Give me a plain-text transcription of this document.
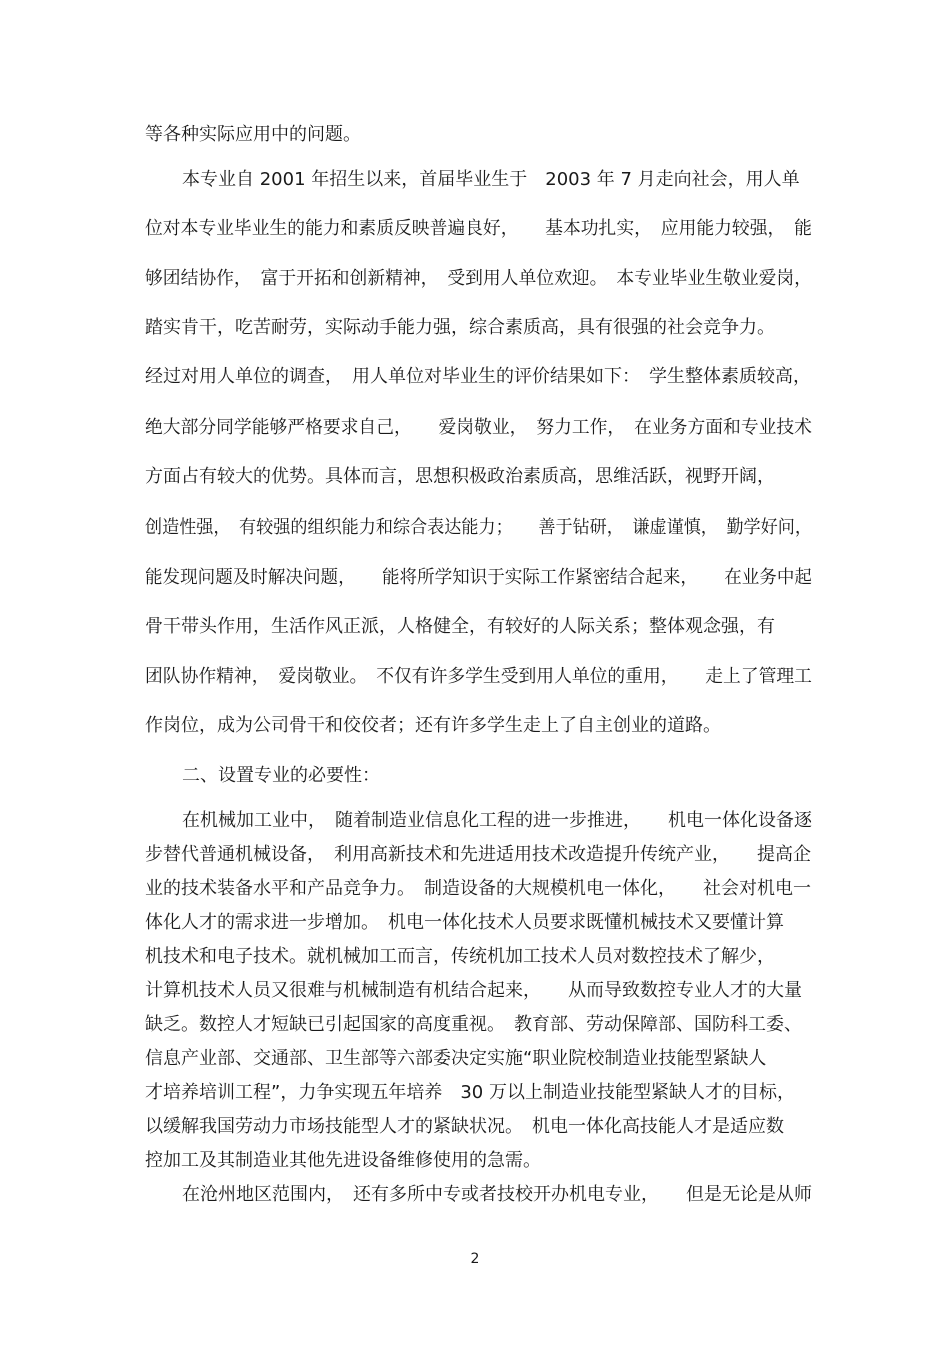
等各种实际应用中的问题。
本专业自 2001 年招生以来，首届毕业生于　2003 年 7 月走向社会，用人单
位对本专业毕业生的能力和素质反映普遍良好，　　基本功扎实，　应用能力较强，　能
够团结协作，　富于开拓和创新精神，　受到用人单位欢迎。　本专业毕业生敬业爱岗，
踏实肯干，吃苦耐劳，实际动手能力强，综合素质高，具有很强的社会竞争力。
经过对用人单位的调查，　用人单位对毕业生的评价结果如下：　学生整体素质较高，
绝大部分同学能够严格要求自己，　　爱岗敬业，　努力工作，　在业务方面和专业技术
方面占有较大的优势。具体而言，思想积极政治素质高，思维活跃，视野开阔，
创造性强，　有较强的组织能力和综合表达能力；　　善于钻研，　谦虚谨慎，　勤学好问，
能发现问题及时解决问题，　　能将所学知识于实际工作紧密结合起来，　　在业务中起
骨干带头作用，生活作风正派，人格健全，有较好的人际关系；整体观念强，有
团队协作精神，　爱岗敬业。　不仅有许多学生受到用人单位的重用，　　走上了管理工
作岗位，成为公司骨干和佼佼者；还有许多学生走上了自主创业的道路。
二、设置专业的必要性：
在机械加工业中，　随着制造业信息化工程的进一步推进，　　机电一体化设备逐
步替代普通机械设备，　利用高新技术和先进适用技术改造提升传统产业，　　提高企
业的技术装备水平和产品竞争力。　制造设备的大规模机电一体化，　　社会对机电一
体化人才的需求进一步增加。　机电一体化技术人员要求既懂机械技术又要懂计算
机技术和电子技术。就机械加工而言，传统机加工技术人员对数控技术了解少，
计算机技术人员又很难与机械制造有机结合起来，　　从而导致数控专业人才的大量
缺乏。数控人才短缺已引起国家的高度重视。　教育部、劳动保障部、国防科工委、
信息产业部、交通部、卫生部等六部委决定实施“职业院校制造业技能型紧缺人
才培养培训工程”，力争实现五年培养　30 万以上制造业技能型紧缺人才的目标，
以缓解我国劳动力市场技能型人才的紧缺状况。　机电一体化高技能人才是适应数
控加工及其制造业其他先进设备维修使用的急需。
在沧州地区范围内，　还有多所中专或者技校开办机电专业，　　但是无论是从师
2
